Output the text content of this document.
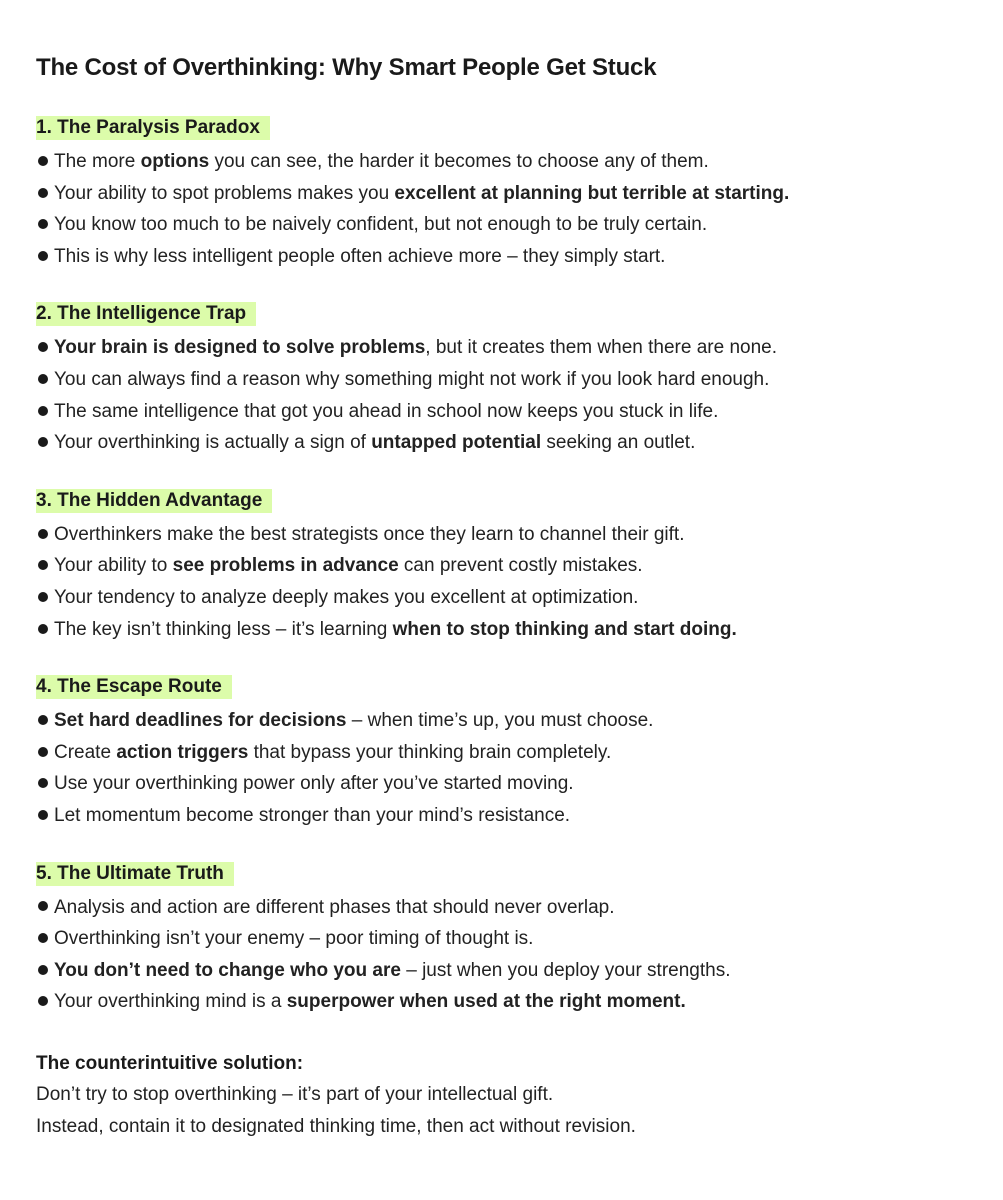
The Cost of Overthinking: Why Smart People Get Stuck
1. The Paralysis Paradox
The more options you can see, the harder it becomes to choose any of them.
Your ability to spot problems makes you excellent at planning but terrible at starting.
You know too much to be naively confident, but not enough to be truly certain.
This is why less intelligent people often achieve more – they simply start.
2. The Intelligence Trap
Your brain is designed to solve problems, but it creates them when there are none.
You can always find a reason why something might not work if you look hard enough.
The same intelligence that got you ahead in school now keeps you stuck in life.
Your overthinking is actually a sign of untapped potential seeking an outlet.
3. The Hidden Advantage
Overthinkers make the best strategists once they learn to channel their gift.
Your ability to see problems in advance can prevent costly mistakes.
Your tendency to analyze deeply makes you excellent at optimization.
The key isn’t thinking less – it’s learning when to stop thinking and start doing.
4. The Escape Route
Set hard deadlines for decisions – when time’s up, you must choose.
Create action triggers that bypass your thinking brain completely.
Use your overthinking power only after you’ve started moving.
Let momentum become stronger than your mind’s resistance.
5. The Ultimate Truth
Analysis and action are different phases that should never overlap.
Overthinking isn’t your enemy – poor timing of thought is.
You don’t need to change who you are – just when you deploy your strengths.
Your overthinking mind is a superpower when used at the right moment.

The counterintuitive solution:

Don’t try to stop overthinking – it’s part of your intellectual gift.

Instead, contain it to designated thinking time, then act without revision.
